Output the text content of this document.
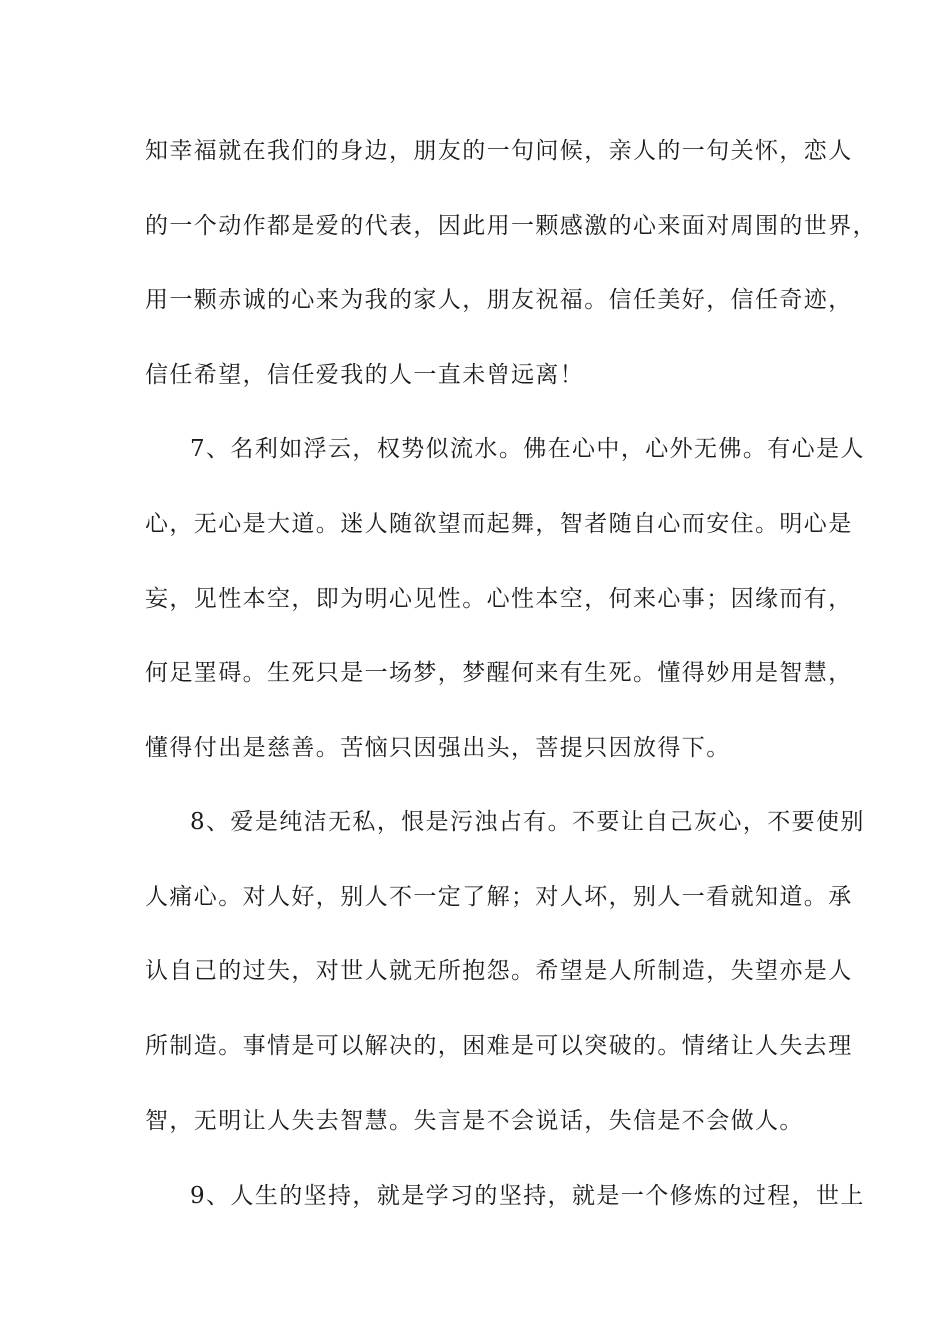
知幸福就在我们的身边，朋友的一句问候，亲人的一句关怀，恋人
的一个动作都是爱的代表，因此用一颗感激的心来面对周围的世界，
用一颗赤诚的心来为我的家人，朋友祝福。信任美好，信任奇迹，
信任希望，信任爱我的人一直未曾远离！
7、名利如浮云，权势似流水。佛在心中，心外无佛。有心是人
心，无心是大道。迷人随欲望而起舞，智者随自心而安住。明心是
妄，见性本空，即为明心见性。心性本空，何来心事；因缘而有，
何足罣碍。生死只是一场梦，梦醒何来有生死。懂得妙用是智慧，
懂得付出是慈善。苦恼只因强出头，菩提只因放得下。
8、爱是纯洁无私，恨是污浊占有。不要让自己灰心，不要使别
人痛心。对人好，别人不一定了解；对人坏，别人一看就知道。承
认自己的过失，对世人就无所抱怨。希望是人所制造，失望亦是人
所制造。事情是可以解决的，困难是可以突破的。情绪让人失去理
智，无明让人失去智慧。失言是不会说话，失信是不会做人。
9、人生的坚持，就是学习的坚持，就是一个修炼的过程，世上
